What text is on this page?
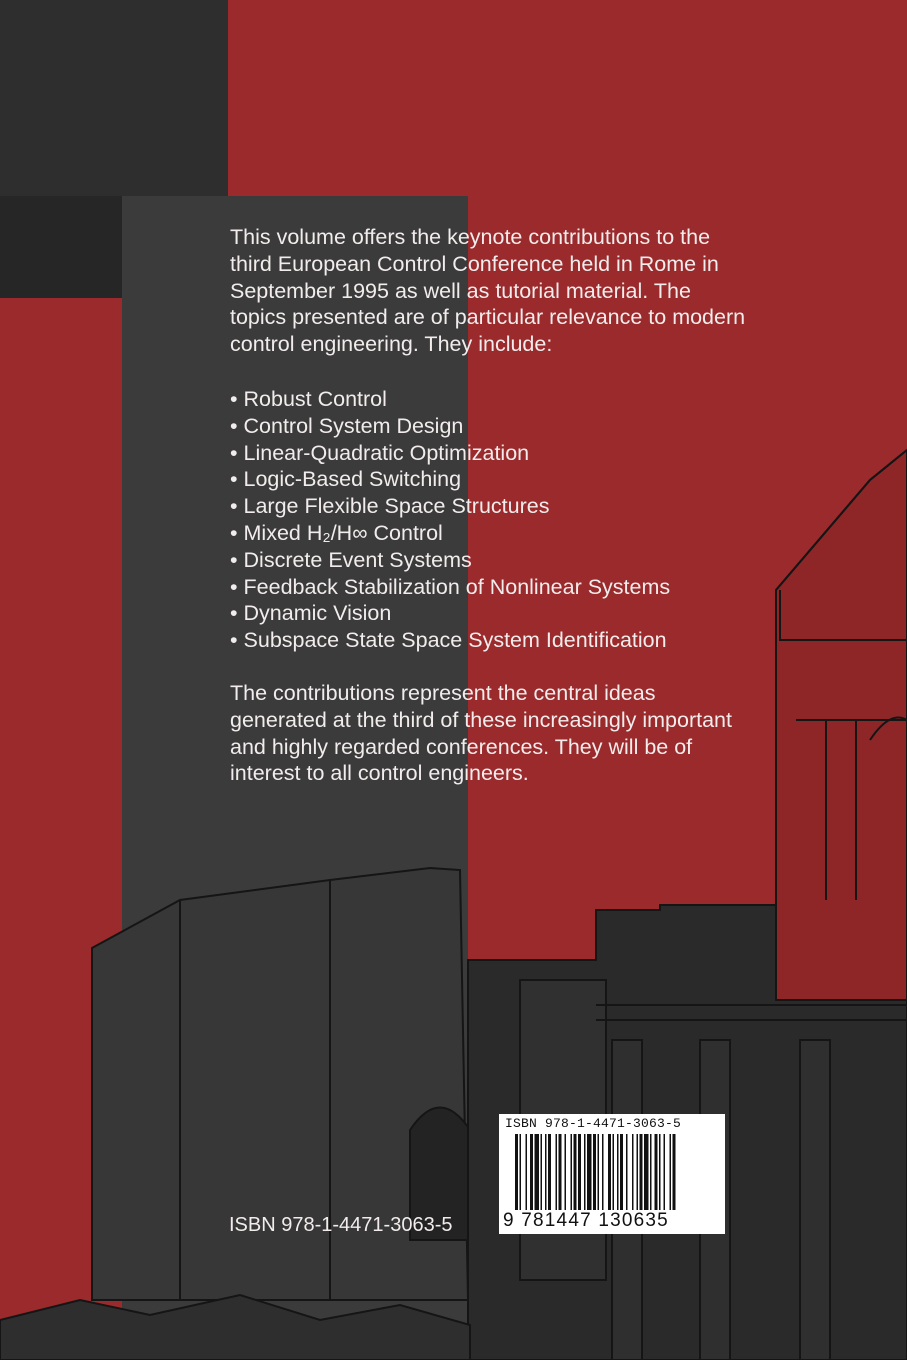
This volume offers the keynote contributions to the third European Control Conference held in Rome in September 1995 as well as tutorial material. The topics presented are of particular relevance to modern control engineering. They include:

• Robust Control
• Control System Design
• Linear-Quadratic Optimization
• Logic-Based Switching
• Large Flexible Space Structures
• Mixed H₂/H∞ Control
• Discrete Event Systems
• Feedback Stabilization of Nonlinear Systems
• Dynamic Vision
• Subspace State Space System Identification

The contributions represent the central ideas generated at the third of these increasingly important and highly regarded conferences. They will be of interest to all control engineers.

ISBN 978-1-4471-3063-5
ISBN 978-1-4471-3063-5
9 781447 130635
